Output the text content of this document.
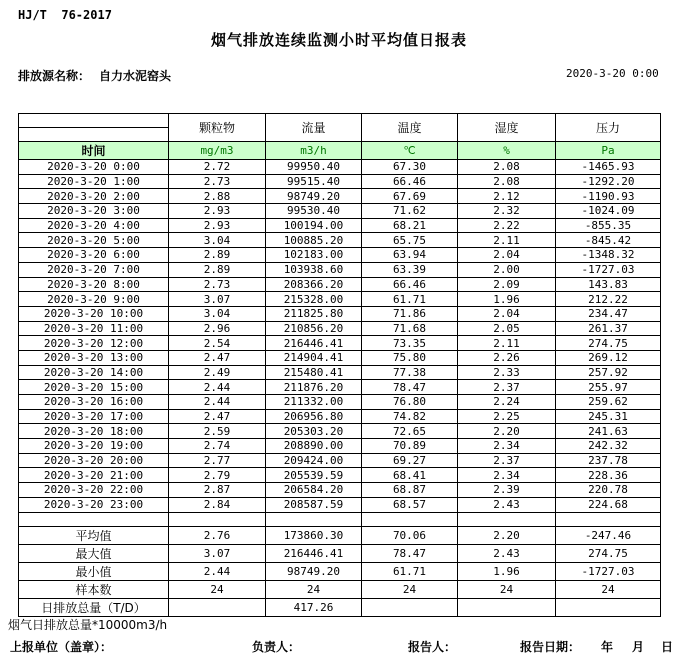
HJ/T  76-2017
烟气排放连续监测小时平均值日报表
排放源名称： 自力水泥窑头	2020-3-20 0:00
	颗粒物	流量	温度	湿度	压力

时间	mg/m3	m3/h	℃	%	Pa
2020-3-20 0:00	2.72	99950.40	67.30	2.08	-1465.93
2020-3-20 1:00	2.73	99515.40	66.46	2.08	-1292.20
2020-3-20 2:00	2.88	98749.20	67.69	2.12	-1190.93
2020-3-20 3:00	2.93	99530.40	71.62	2.32	-1024.09
2020-3-20 4:00	2.93	100194.00	68.21	2.22	-855.35
2020-3-20 5:00	3.04	100885.20	65.75	2.11	-845.42
2020-3-20 6:00	2.89	102183.00	63.94	2.04	-1348.32
2020-3-20 7:00	2.89	103938.60	63.39	2.00	-1727.03
2020-3-20 8:00	2.73	208366.20	66.46	2.09	143.83
2020-3-20 9:00	3.07	215328.00	61.71	1.96	212.22
2020-3-20 10:00	3.04	211825.80	71.86	2.04	234.47
2020-3-20 11:00	2.96	210856.20	71.68	2.05	261.37
2020-3-20 12:00	2.54	216446.41	73.35	2.11	274.75
2020-3-20 13:00	2.47	214904.41	75.80	2.26	269.12
2020-3-20 14:00	2.49	215480.41	77.38	2.33	257.92
2020-3-20 15:00	2.44	211876.20	78.47	2.37	255.97
2020-3-20 16:00	2.44	211332.00	76.80	2.24	259.62
2020-3-20 17:00	2.47	206956.80	74.82	2.25	245.31
2020-3-20 18:00	2.59	205303.20	72.65	2.20	241.63
2020-3-20 19:00	2.74	208890.00	70.89	2.34	242.32
2020-3-20 20:00	2.77	209424.00	69.27	2.37	237.78
2020-3-20 21:00	2.79	205539.59	68.41	2.34	228.36
2020-3-20 22:00	2.87	206584.20	68.87	2.39	220.78
2020-3-20 23:00	2.84	208587.59	68.57	2.43	224.68

平均值	2.76	173860.30	70.06	2.20	-247.46
最大值	3.07	216446.41	78.47	2.43	274.75
最小值	2.44	98749.20	61.71	1.96	-1727.03
样本数	24	24	24	24	24
日排放总量（T/D）		417.26			
烟气日排放总量*10000m3/h
上报单位（盖章）：	负责人：	报告人：	报告日期： 年 月 日
